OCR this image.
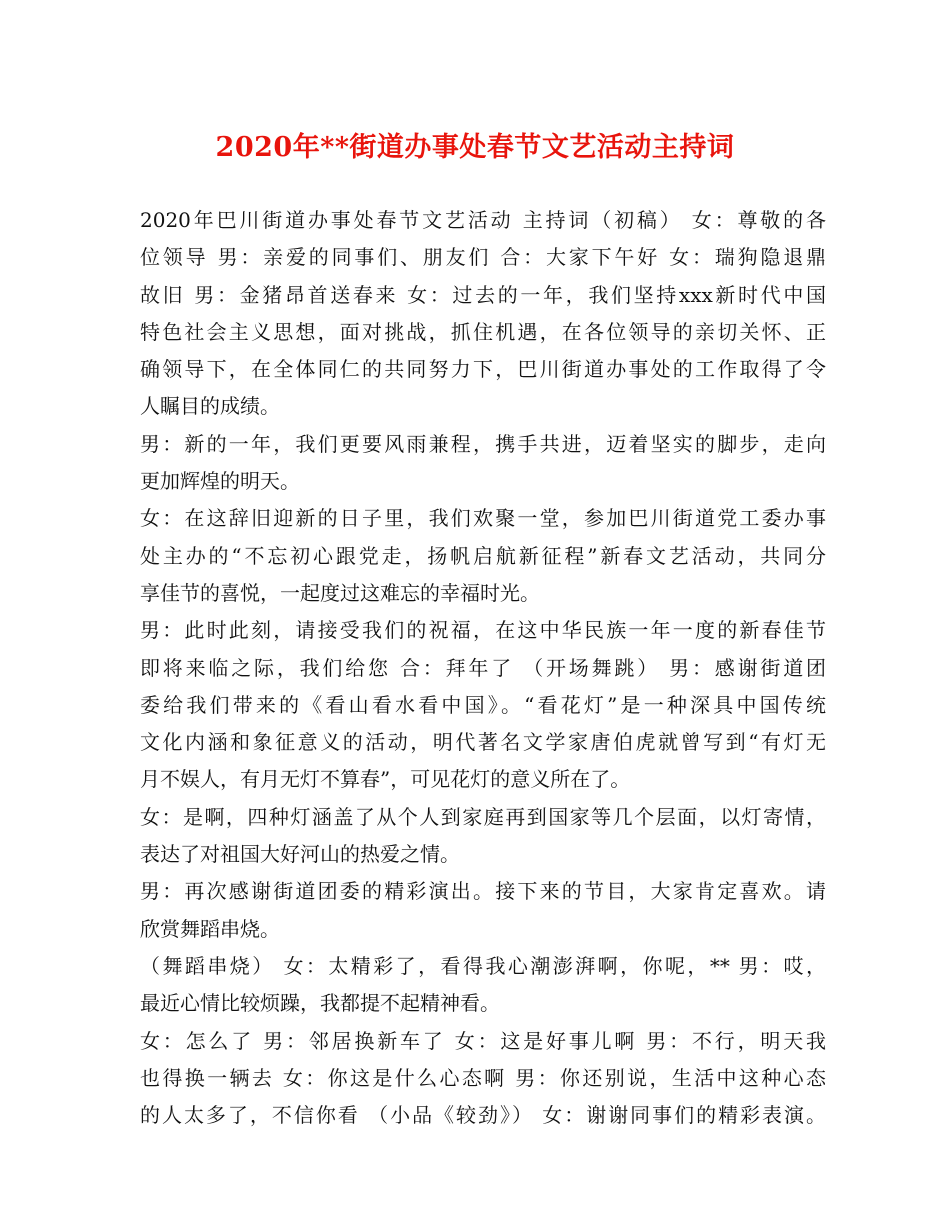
2020年**街道办事处春节文艺活动主持词

2020年巴川街道办事处春节文艺活动 主持词（初稿） 女：尊敬的各
位领导 男：亲爱的同事们、朋友们 合：大家下午好 女：瑞狗隐退鼎
故旧 男：金猪昂首送春来 女：过去的一年，我们坚持xxx新时代中国
特色社会主义思想，面对挑战，抓住机遇，在各位领导的亲切关怀、正
确领导下，在全体同仁的共同努力下，巴川街道办事处的工作取得了令
人瞩目的成绩。

男：新的一年，我们更要风雨兼程，携手共进，迈着坚实的脚步，走向
更加辉煌的明天。

女：在这辞旧迎新的日子里，我们欢聚一堂，参加巴川街道党工委办事
处主办的“不忘初心跟党走，扬帆启航新征程”新春文艺活动，共同分
享佳节的喜悦，一起度过这难忘的幸福时光。

男：此时此刻，请接受我们的祝福，在这中华民族一年一度的新春佳节
即将来临之际，我们给您 合：拜年了 （开场舞跳） 男：感谢街道团
委给我们带来的《看山看水看中国》。“看花灯”是一种深具中国传统
文化内涵和象征意义的活动，明代著名文学家唐伯虎就曾写到“有灯无
月不娱人，有月无灯不算春”，可见花灯的意义所在了。

女：是啊，四种灯涵盖了从个人到家庭再到国家等几个层面，以灯寄情，
表达了对祖国大好河山的热爱之情。

男：再次感谢街道团委的精彩演出。接下来的节目，大家肯定喜欢。请
欣赏舞蹈串烧。

（舞蹈串烧） 女：太精彩了，看得我心潮澎湃啊，你呢，** 男：哎，
最近心情比较烦躁，我都提不起精神看。

女：怎么了 男：邻居换新车了 女：这是好事儿啊 男：不行，明天我
也得换一辆去 女：你这是什么心态啊 男：你还别说，生活中这种心态
的人太多了，不信你看 （小品《较劲》） 女：谢谢同事们的精彩表演。
